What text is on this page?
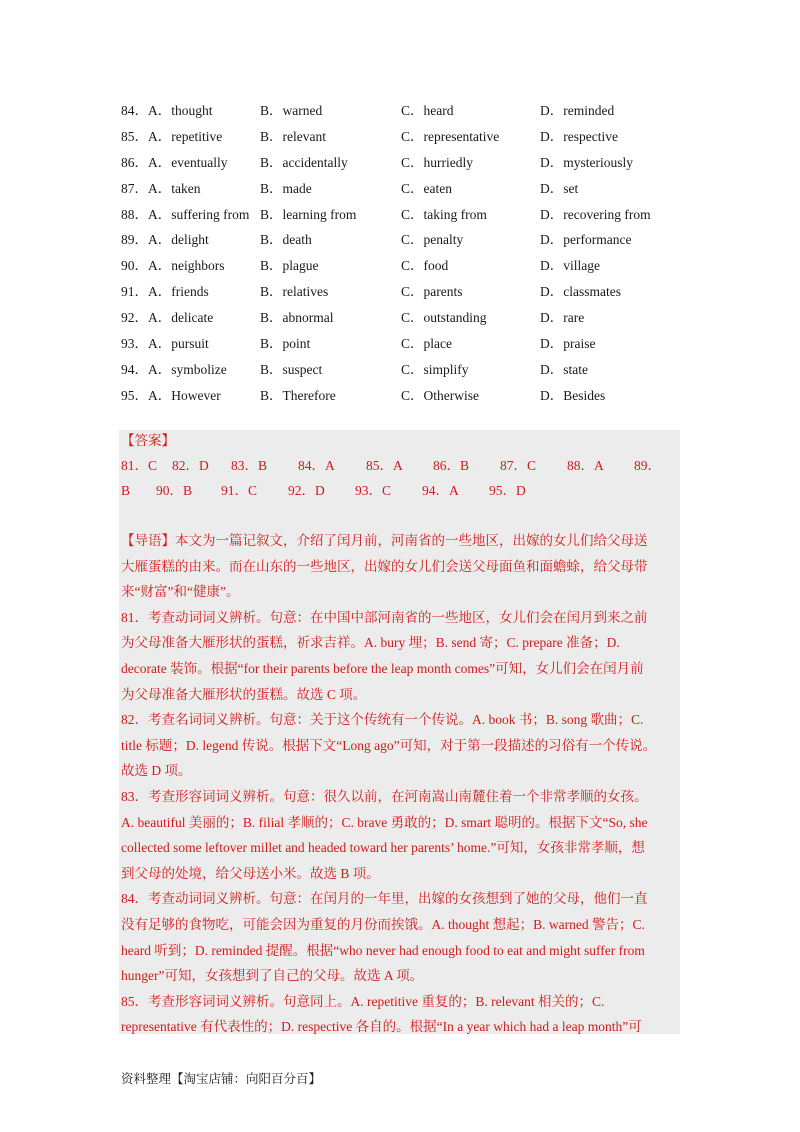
84． A．thought	B．warned	C．heard	D．reminded
85． A．repetitive	B．relevant	C．representative	D．respective
86． A．eventually	B．accidentally	C．hurriedly	D．mysteriously
87． A．taken	B．made	C．eaten	D．set
88． A．suffering from B．learning from	C．taking from	D．recovering from
89． A．delight	B．death	C．penalty	D．performance
90． A．neighbors	B．plague	C．food	D．village
91． A．friends	B．relatives	C．parents	D．classmates
92． A．delicate	B．abnormal	C．outstanding	D．rare
93． A．pursuit	B．point	C．place	D．praise
94． A．symbolize	B．suspect	C．simplify	D．state
95． A．However	B．Therefore	C．Otherwise	D．Besides
【答案】
81．C 82．D 83．B 84．A 85．A 86．B 87．C 88．A 89．
B 90．B 91．C 92．D 93．C 94．A 95．D
【导语】本文为一篇记叙文，介绍了闰月前，河南省的一些地区，出嫁的女儿们给父母送
大雁蛋糕的由来。而在山东的一些地区，出嫁的女儿们会送父母面鱼和面蟾蜍，给父母带
来“财富”和“健康”。
81．考查动词词义辨析。句意：在中国中部河南省的一些地区，女儿们会在闰月到来之前
为父母准备大雁形状的蛋糕，祈求吉祥。A. bury 埋；B. send 寄；C. prepare 准备；D.
decorate 装饰。根据“for their parents before the leap month comes”可知，女儿们会在闰月前
为父母准备大雁形状的蛋糕。故选 C 项。
82．考查名词词义辨析。句意：关于这个传统有一个传说。A. book 书；B. song 歌曲；C.
title 标题；D. legend 传说。根据下文“Long ago”可知，对于第一段描述的习俗有一个传说。
故选 D 项。
83．考查形容词词义辨析。句意：很久以前，在河南嵩山南麓住着一个非常孝顺的女孩。
A. beautiful 美丽的；B. filial 孝顺的；C. brave 勇敢的；D. smart 聪明的。根据下文“So, she
collected some leftover millet and headed toward her parents’ home.”可知，女孩非常孝顺，想
到父母的处境，给父母送小米。故选 B 项。
84．考查动词词义辨析。句意：在闰月的一年里，出嫁的女孩想到了她的父母，他们一直
没有足够的食物吃，可能会因为重复的月份而挨饿。A. thought 想起；B. warned 警告；C.
heard 听到；D. reminded 提醒。根据“who never had enough food to eat and might suffer from
hunger”可知，女孩想到了自己的父母。故选 A 项。
85．考查形容词词义辨析。句意同上。A. repetitive 重复的；B. relevant 相关的；C.
representative 有代表性的；D. respective 各自的。根据“In a year which had a leap month”可
资料整理【淘宝店铺：向阳百分百】
